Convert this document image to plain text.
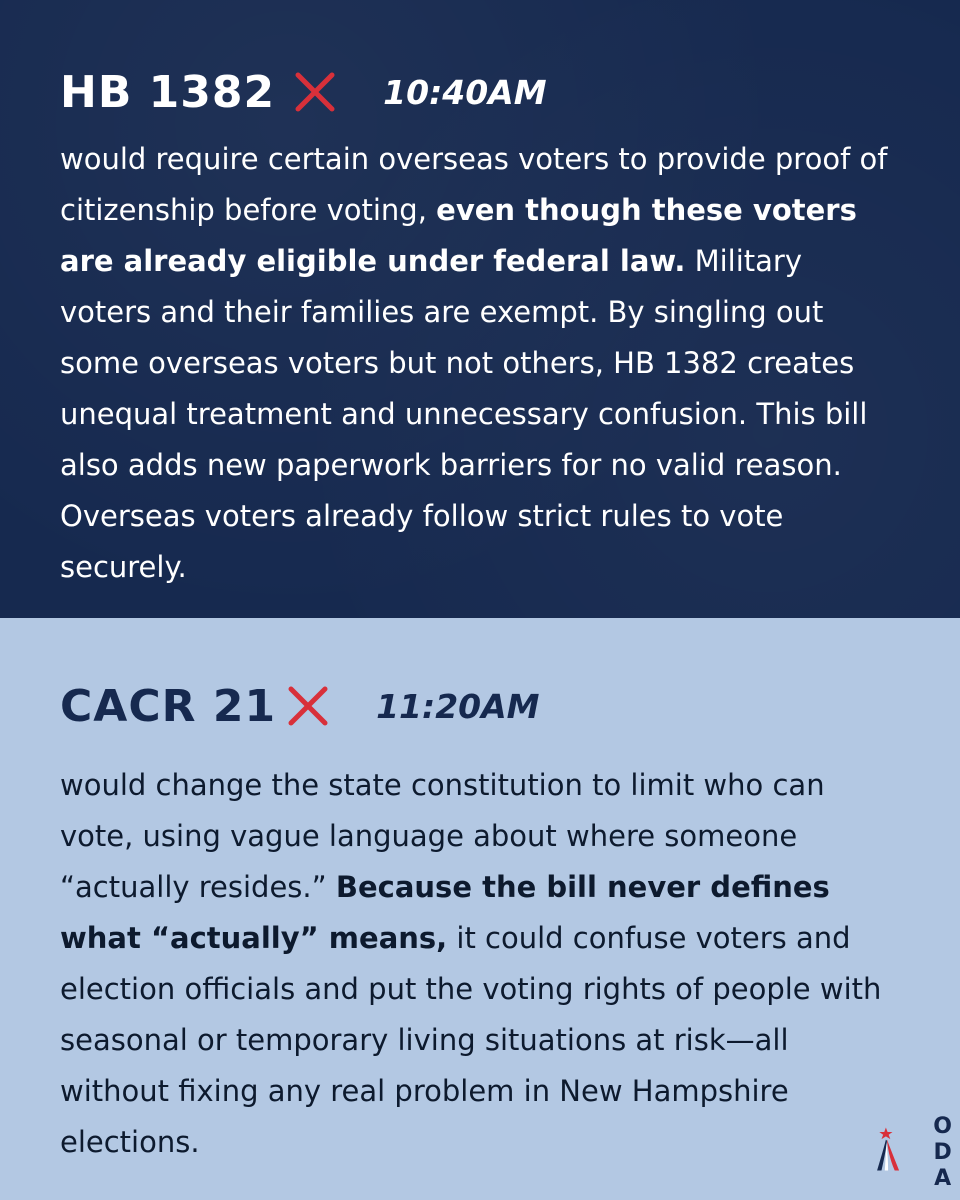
HB 1382	10:40AM
would require certain overseas voters to provide proof of citizenship before voting, even though these voters are already eligible under federal law. Military voters and their families are exempt. By singling out some overseas voters but not others, HB 1382 creates unequal treatment and unnecessary confusion. This bill also adds new paperwork barriers for no valid reason. Overseas voters already follow strict rules to vote securely.
CACR 21	11:20AM
would change the state constitution to limit who can vote, using vague language about where someone “actually resides.” Because the bill never defines what “actually” means, it could confuse voters and election officials and put the voting rights of people with seasonal or temporary living situations at risk—all without fixing any real problem in New Hampshire elections.	O
D
A
